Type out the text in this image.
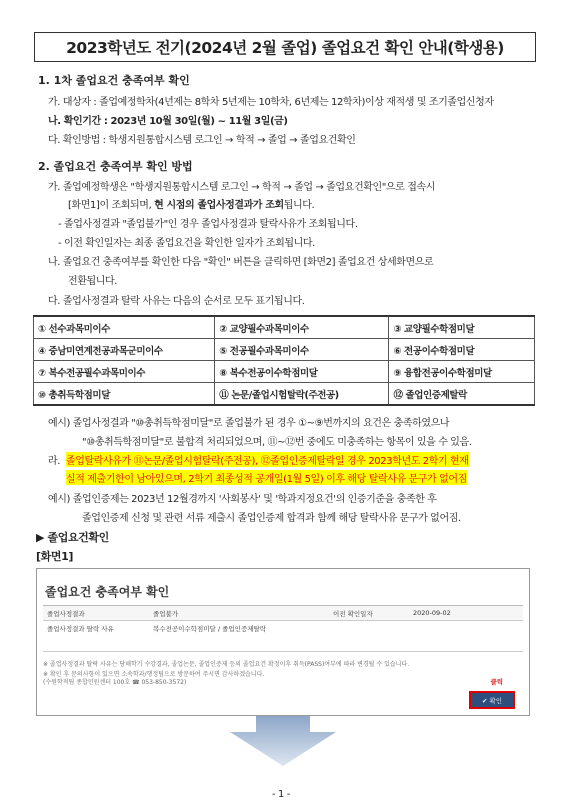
2023학년도 전기(2024년 2월 졸업) 졸업요건 확인 안내(학생용)
1. 1차 졸업요건 충족여부 확인
가. 대상자 : 졸업예정학차(4년제는 8학차 5년제는 10학차, 6년제는 12학차)이상 재적생 및 조기졸업신청자
나. 확인기간 : 2023년 10월 30일(월) ~ 11월 3일(금)
다. 확인방법 : 학생지원통합시스템 로그인 → 학적 → 졸업 → 졸업요건확인
2. 졸업요건 충족여부 확인 방법
가. 졸업예정학생은 "학생지원통합시스템 로그인 → 학적 → 졸업 → 졸업요건확인"으로 접속시
[화면1]이 조회되며, 현 시점의 졸업사정결과가 조회됩니다.
- 졸업사정결과 "졸업불가"인 경우 졸업사정결과 탈락사유가 조회됩니다.
- 이전 확인일자는 최종 졸업요건을 확인한 일자가 조회됩니다.
나. 졸업요건 충족여부를 확인한 다음 "확인" 버튼을 클릭하면 [화면2] 졸업요건 상세화면으로
전환됩니다.
다. 졸업사정결과 탈락 사유는 다음의 순서로 모두 표기됩니다.
① 선수과목미이수	② 교양필수과목미이수	③ 교양필수학점미달
④ 중남미연계전공과목군미이수	⑤ 전공필수과목미이수	⑥ 전공이수학점미달
⑦ 복수전공필수과목미이수	⑧ 복수전공이수학점미달	⑨ 융합전공이수학점미달
⑩ 총취득학점미달	⑪ 논문/졸업시험탈락(주전공)	⑫ 졸업인증제탈락
예시) 졸업사정결과 "⑩총취득학점미달"로 졸업불가 된 경우 ①~⑨번까지의 요건은 충족하였으나
"⑩총취득학점미달"로 불합격 처리되었으며, ⑪~⑫번 중에도 미충족하는 항목이 있을 수 있음.
라. 졸업탈락사유가 ⑪논문/졸업시험탈락(주전공), ⑫졸업인증제탈락일 경우 2023학년도 2학기 현재
실적 제출기한이 남아있으며, 2학기 최종성적 공개일(1월 5일) 이후 해당 탈락사유 문구가 없어짐
예시) 졸업인증제는 2023년 12월경까지 '사회봉사' 및 '학과지정요건'의 인증기준을 충족한 후
졸업인증제 신청 및 관련 서류 제출시 졸업인증제 합격과 함께 해당 탈락사유 문구가 없어짐.
▶ 졸업요건확인
[화면1]
졸업요건 충족여부 확인
졸업사정결과	졸업불가	이전 확인일자	2020-09-02
졸업사정결과 탈락 사유	복수전공이수학점미달 / 졸업인증제탈락
※ 졸업사정결과 탈락 사유는 당해학기 수강결과, 졸업논문, 졸업인증제 등의 졸업요건 확정이후 취득(PASS)여부에 따라 변경될 수 있습니다.
※ 확인 후 문의사항이 있으면 소속학과/행정팀으로 방문하여 주시면 감사하겠습니다.
(수원학적팀 종합민원센터 100호 ☎ 053-850-3572)	클릭
✔ 확인
- 1 -
